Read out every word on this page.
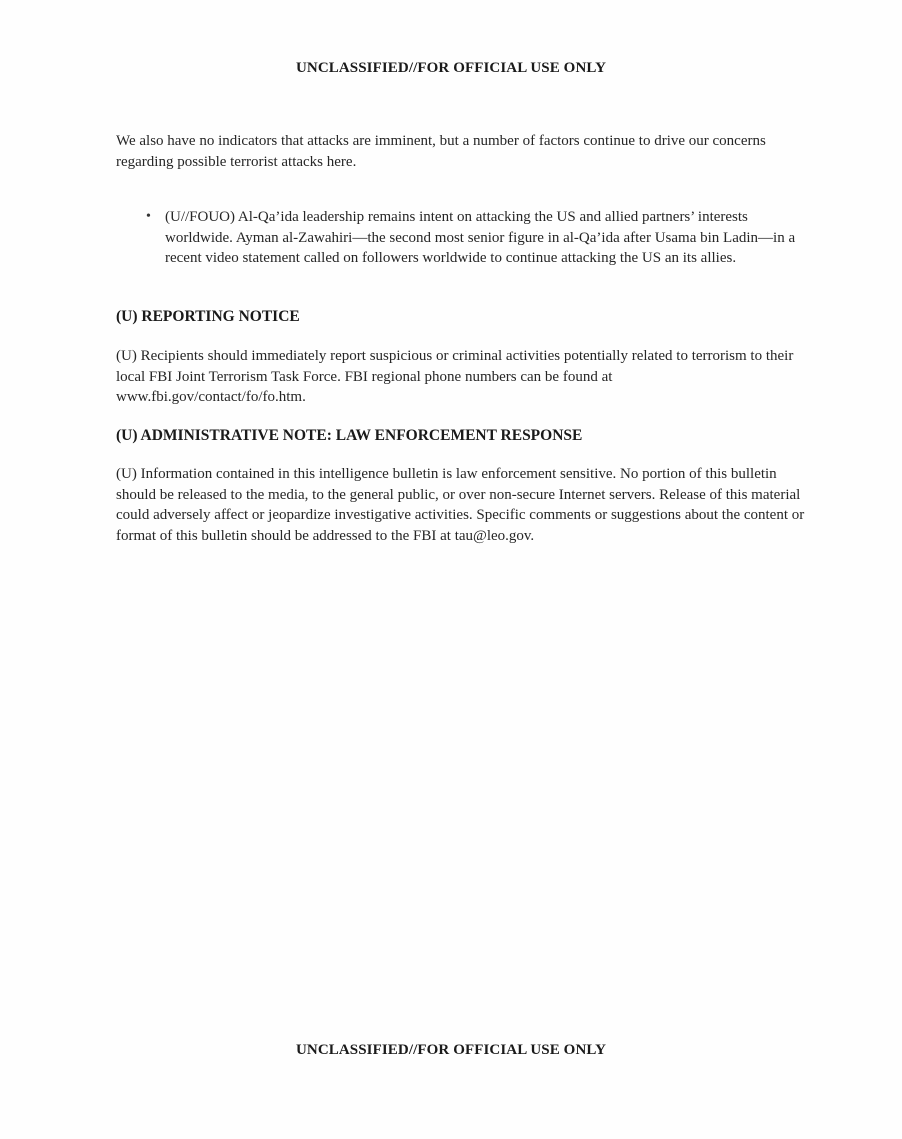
UNCLASSIFIED//FOR OFFICIAL USE ONLY
We also have no indicators that attacks are imminent, but a number of factors continue to drive our concerns regarding possible terrorist attacks here.
• (U//FOUO) Al-Qa’ida leadership remains intent on attacking the US and allied partners’ interests worldwide. Ayman al-Zawahiri—the second most senior figure in al-Qa’ida after Usama bin Ladin—in a recent video statement called on followers worldwide to continue attacking the US an its allies.
(U) REPORTING NOTICE
(U) Recipients should immediately report suspicious or criminal activities potentially related to terrorism to their local FBI Joint Terrorism Task Force. FBI regional phone numbers can be found at www.fbi.gov/contact/fo/fo.htm.
(U) ADMINISTRATIVE NOTE: LAW ENFORCEMENT RESPONSE
(U) Information contained in this intelligence bulletin is law enforcement sensitive. No portion of this bulletin should be released to the media, to the general public, or over non-secure Internet servers. Release of this material could adversely affect or jeopardize investigative activities. Specific comments or suggestions about the content or format of this bulletin should be addressed to the FBI at tau@leo.gov.
UNCLASSIFIED//FOR OFFICIAL USE ONLY
